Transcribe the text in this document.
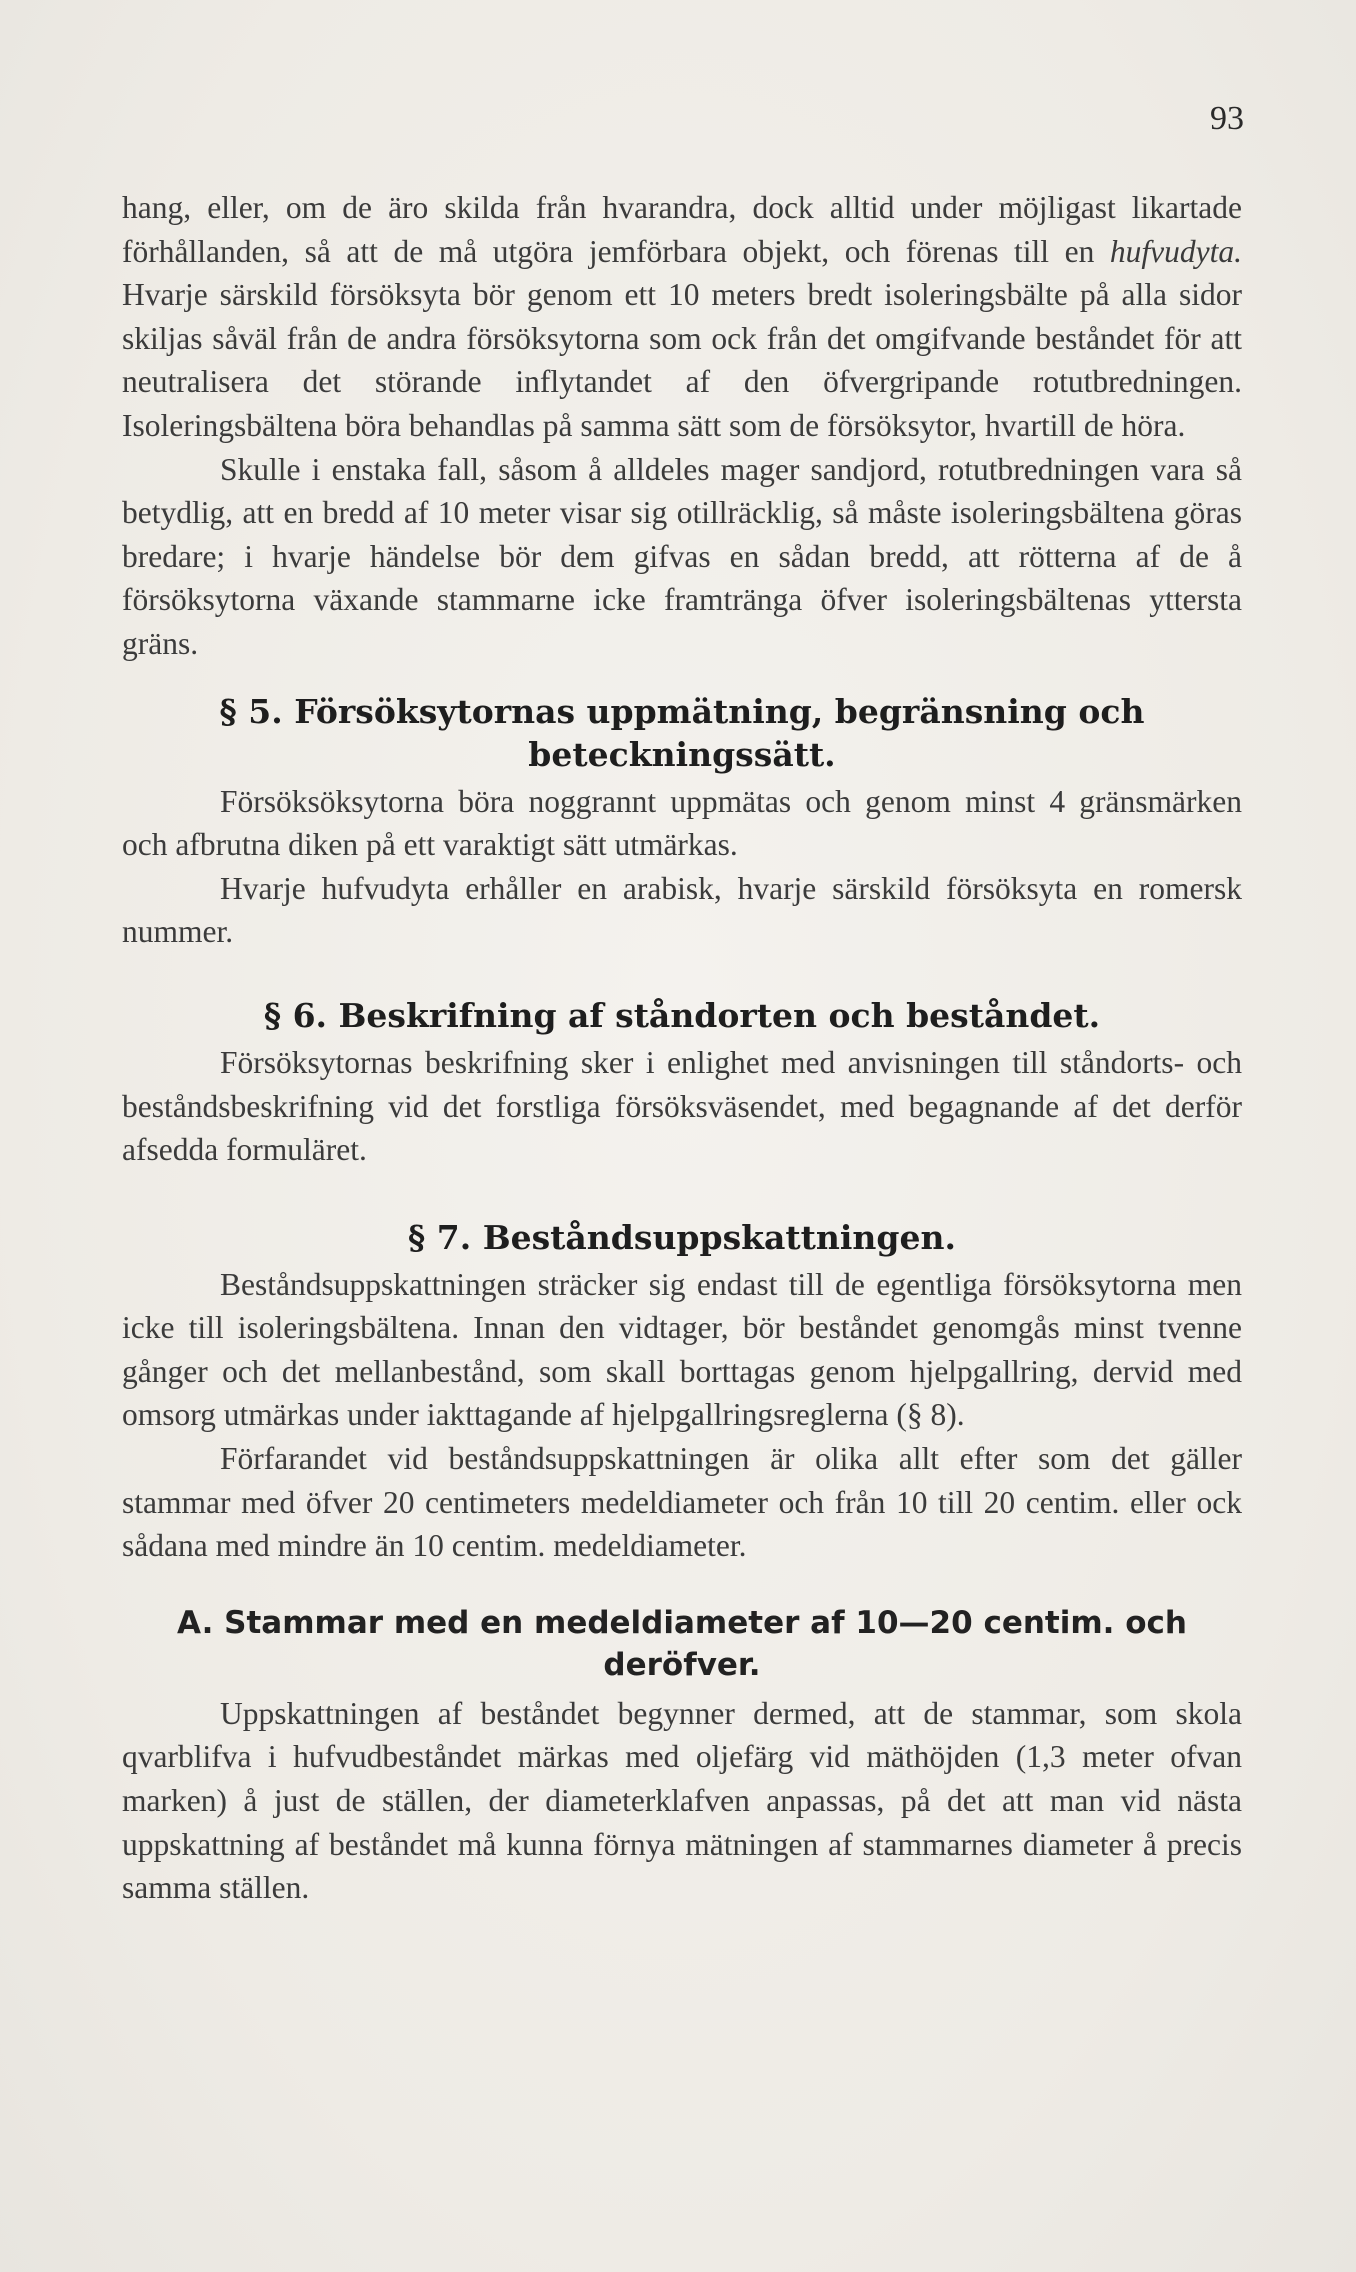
93

hang, eller, om de äro skilda från hvarandra, dock alltid under möjligast likartade förhållanden, så att de må utgöra jemförbara objekt, och förenas till en hufvudyta. Hvarje särskild försöksyta bör genom ett 10 meters bredt isoleringsbälte på alla sidor skiljas såväl från de andra försöksytorna som ock från det omgifvande beståndet för att neutralisera det störande inflytandet af den öfvergripande rotutbredningen. Isoleringsbältena böra behandlas på samma sätt som de försöksytor, hvartill de höra.

Skulle i enstaka fall, såsom å alldeles mager sandjord, rotutbredningen vara så betydlig, att en bredd af 10 meter visar sig otillräcklig, så måste isoleringsbältena göras bredare; i hvarje händelse bör dem gifvas en sådan bredd, att rötterna af de å försöksytorna växande stammarne icke framtränga öfver isoleringsbältenas yttersta gräns.

§ 5. Försöksytornas uppmätning, begränsning och beteckningssätt.

Försöksöksytorna böra noggrannt uppmätas och genom minst 4 gränsmärken och afbrutna diken på ett varaktigt sätt utmärkas.

Hvarje hufvudyta erhåller en arabisk, hvarje särskild försöksyta en romersk nummer.

§ 6. Beskrifning af ståndorten och beståndet.

Försöksytornas beskrifning sker i enlighet med anvisningen till ståndorts- och beståndsbeskrifning vid det forstliga försöksväsendet, med begagnande af det derför afsedda formuläret.

§ 7. Beståndsuppskattningen.

Beståndsuppskattningen sträcker sig endast till de egentliga försöksytorna men icke till isoleringsbältena. Innan den vidtager, bör beståndet genomgås minst tvenne gånger och det mellanbestånd, som skall borttagas genom hjelpgallring, dervid med omsorg utmärkas under iakttagande af hjelpgallringsreglerna (§ 8).

Förfarandet vid beståndsuppskattningen är olika allt efter som det gäller stammar med öfver 20 centimeters medeldiameter och från 10 till 20 centim. eller ock sådana med mindre än 10 centim. medeldiameter.

A. Stammar med en medeldiameter af 10—20 centim. och deröfver.

Uppskattningen af beståndet begynner dermed, att de stammar, som skola qvarblifva i hufvudbeståndet märkas med oljefärg vid mäthöjden (1,3 meter ofvan marken) å just de ställen, der diameterklafven anpassas, på det att man vid nästa uppskattning af beståndet må kunna förnya mätningen af stammarnes diameter å precis samma ställen.
